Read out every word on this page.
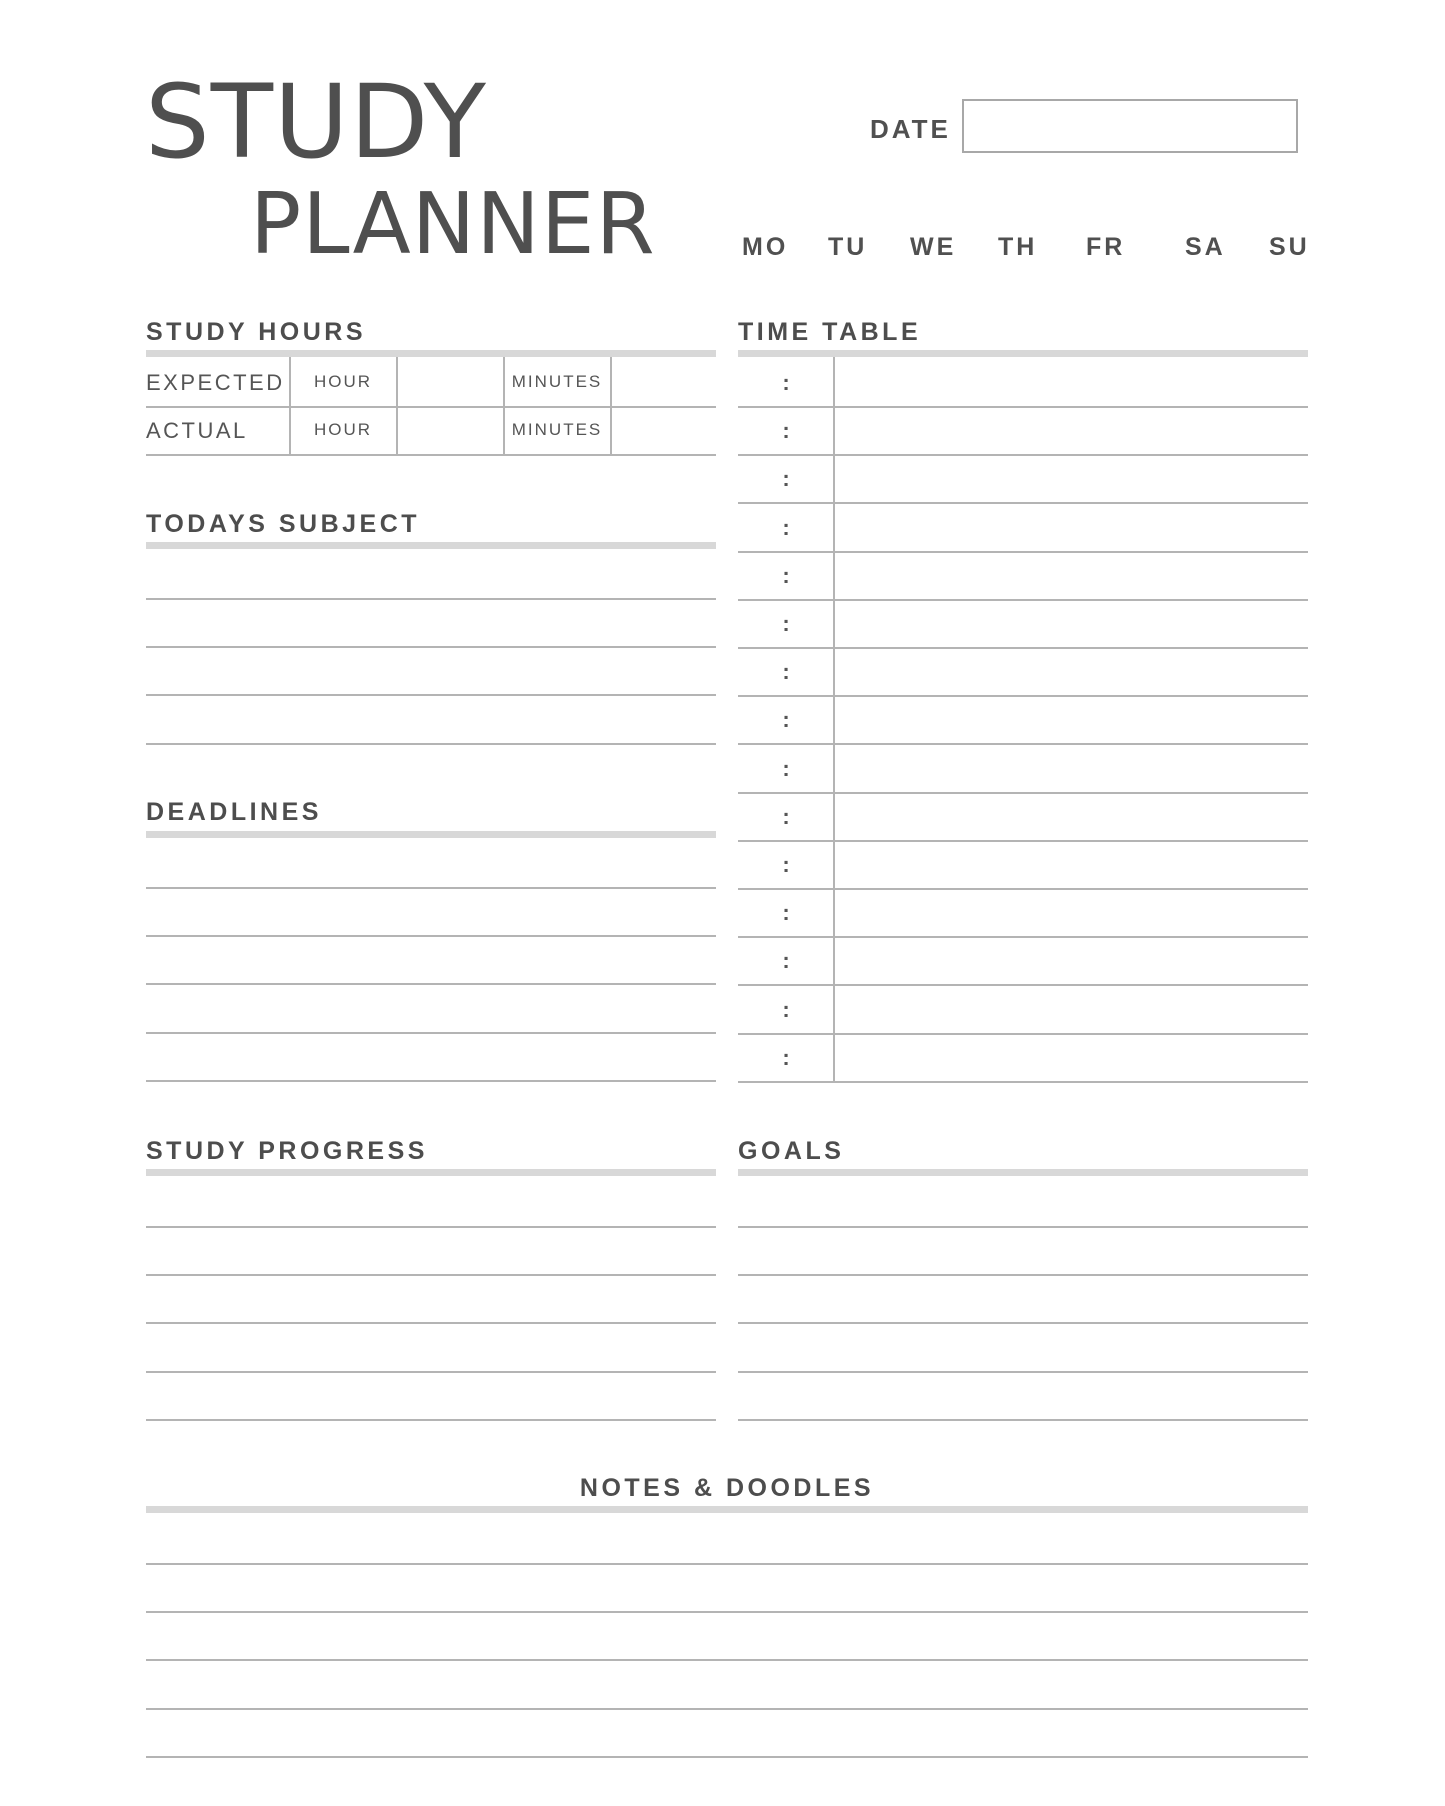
STUDY
PLANNER
DATE
MO TU WE TH FR SA SU
STUDY HOURS
EXPECTED	HOUR	MINUTES
ACTUAL	HOUR	MINUTES
TODAYS SUBJECT
DEADLINES
TIME TABLE
:
:
:
:
:
:
:
:
:
:
:
:
:
:
:
STUDY PROGRESS	GOALS
NOTES & DOODLES
